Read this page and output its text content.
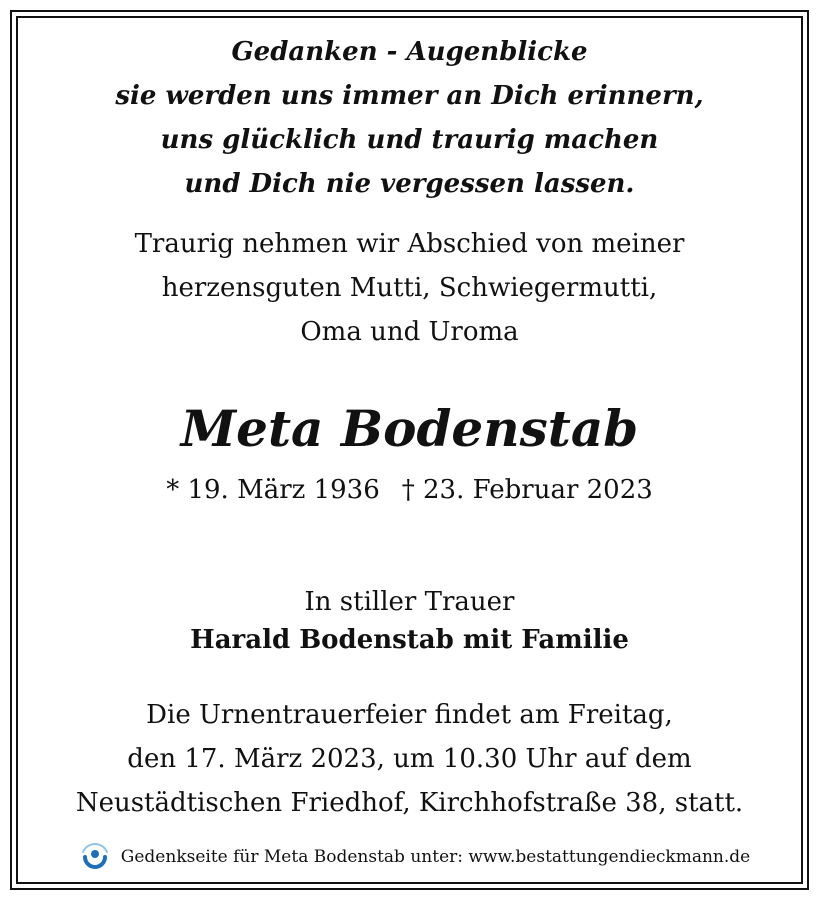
Gedanken - Augenblicke
sie werden uns immer an Dich erinnern,
uns glücklich und traurig machen
und Dich nie vergessen lassen.
Traurig nehmen wir Abschied von meiner
herzensguten Mutti, Schwiegermutti,
Oma und Uroma
Meta Bodenstab
* 19. März 1936 † 23. Februar 2023
In stiller Trauer
Harald Bodenstab mit Familie
Die Urnentrauerfeier findet am Freitag,
den 17. März 2023, um 10.30 Uhr auf dem
Neustädtischen Friedhof, Kirchhofstraße 38, statt.
Gedenkseite für Meta Bodenstab unter: www.bestattungendieckmann.de
